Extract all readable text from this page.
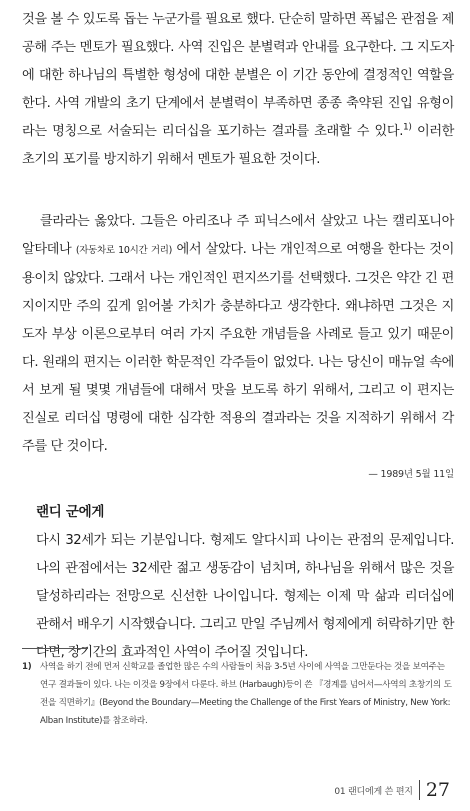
것을 볼 수 있도록 돕는 누군가를 필요로 했다. 단순히 말하면 폭넓은 관점을 제공해 주는 멘토가 필요했다. 사역 진입은 분별력과 안내를 요구한다. 그 지도자에 대한 하나님의 특별한 형성에 대한 분별은 이 기간 동안에 결정적인 역할을 한다. 사역 개발의 초기 단계에서 분별력이 부족하면 종종 축약된 진입 유형이라는 명칭으로 서술되는 리더십을 포기하는 결과를 초래할 수 있다.$^{1)}$ 이러한 초기의 포기를 방지하기 위해서 멘토가 필요한 것이다.

클라라는 옳았다. 그들은 아리조나 주 피닉스에서 살았고 나는 캘리포니아 알타데나 (자동차로 10시간 거리) 에서 살았다. 나는 개인적으로 여행을 한다는 것이 용이치 않았다. 그래서 나는 개인적인 편지쓰기를 선택했다. 그것은 약간 긴 편지이지만 주의 깊게 읽어볼 가치가 충분하다고 생각한다. 왜냐하면 그것은 지도자 부상 이론으로부터 여러 가지 주요한 개념들을 사례로 들고 있기 때문이다. 원래의 편지는 이러한 학문적인 각주들이 없었다. 나는 당신이 매뉴얼 속에서 보게 될 몇몇 개념들에 대해서 맛을 보도록 하기 위해서, 그리고 이 편지는 진실로 리더십 명령에 대한 심각한 적용의 결과라는 것을 지적하기 위해서 각주를 단 것이다.

— 1989년 5월 11일
랜디 군에게

다시 32세가 되는 기분입니다. 형제도 알다시피 나이는 관점의 문제입니다. 나의 관점에서는 32세란 젊고 생동감이 넘치며, 하나님을 위해서 많은 것을 달성하리라는 전망으로 신선한 나이입니다. 형제는 이제 막 삶과 리더십에 관해서 배우기 시작했습니다. 그리고 만일 주님께서 형제에게 허락하기만 한다면, 장기간의 효과적인 사역이 주어질 것입니다.

1) 사역을 하기 전에 먼저 신학교를 졸업한 많은 수의 사람들이 처음 3-5년 사이에 사역을 그만둔다는 것을 보여주는 연구 결과들이 있다. 나는 이것을 9장에서 다룬다. 하브 (Harbaugh)등이 쓴 『경계를 넘어서—사역의 초창기의 도전을 직면하기』(Beyond the Boundary—Meeting the Challenge of the First Years of Ministry, New York: Alban Institute)를 참조하라.
01 랜디에게 쓴 편지 27
